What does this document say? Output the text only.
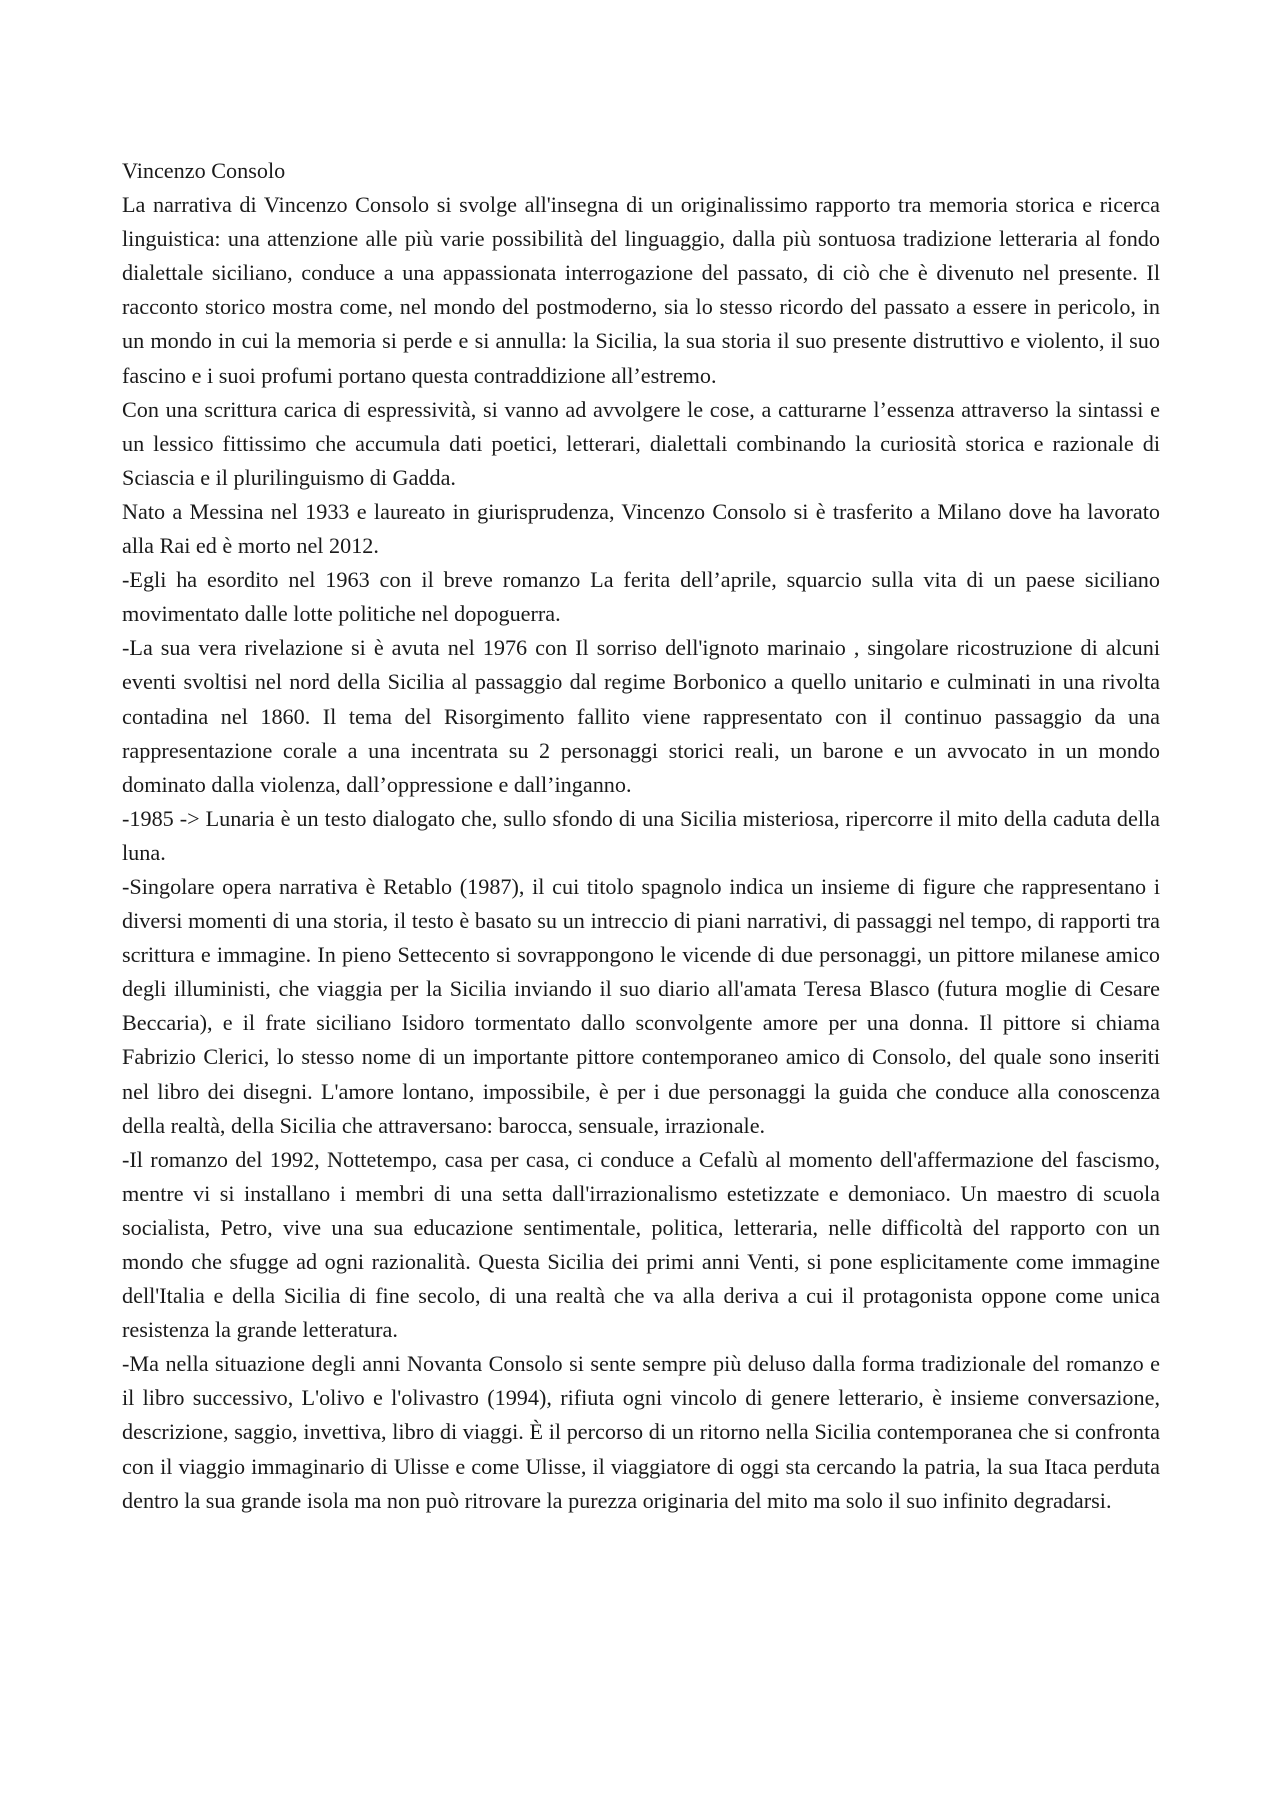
Vincenzo Consolo

La narrativa di Vincenzo Consolo si svolge all'insegna di un originalissimo rapporto tra memoria storica e ricerca linguistica: una attenzione alle più varie possibilità del linguaggio, dalla più sontuosa tradizione letteraria al fondo dialettale siciliano, conduce a una appassionata interrogazione del passato, di ciò che è divenuto nel presente. Il racconto storico mostra come, nel mondo del postmoderno, sia lo stesso ricordo del passato a essere in pericolo, in un mondo in cui la memoria si perde e si annulla: la Sicilia, la sua storia il suo presente distruttivo e violento, il suo fascino e i suoi profumi portano questa contraddizione all’estremo.

Con una scrittura carica di espressività, si vanno ad avvolgere le cose, a catturarne l’essenza attraverso la sintassi e un lessico fittissimo che accumula dati poetici, letterari, dialettali combinando la curiosità storica e razionale di Sciascia e il plurilinguismo di Gadda.

Nato a Messina nel 1933 e laureato in giurisprudenza, Vincenzo Consolo si è trasferito a Milano dove ha lavorato alla Rai ed è morto nel 2012.

-Egli ha esordito nel 1963 con il breve romanzo La ferita dell’aprile, squarcio sulla vita di un paese siciliano movimentato dalle lotte politiche nel dopoguerra.

-La sua vera rivelazione si è avuta nel 1976 con Il sorriso dell'ignoto marinaio , singolare ricostruzione di alcuni eventi svoltisi nel nord della Sicilia al passaggio dal regime Borbonico a quello unitario e culminati in una rivolta contadina nel 1860. Il tema del Risorgimento fallito viene rappresentato con il continuo passaggio da una rappresentazione corale a una incentrata su 2 personaggi storici reali, un barone e un avvocato in un mondo dominato dalla violenza, dall’oppressione e dall’inganno.

-1985 -> Lunaria è un testo dialogato che, sullo sfondo di una Sicilia misteriosa, ripercorre il mito della caduta della luna.

-Singolare opera narrativa è Retablo (1987), il cui titolo spagnolo indica un insieme di figure che rappresentano i diversi momenti di una storia, il testo è basato su un intreccio di piani narrativi, di passaggi nel tempo, di rapporti tra scrittura e immagine. In pieno Settecento si sovrappongono le vicende di due personaggi, un pittore milanese amico degli illuministi, che viaggia per la Sicilia inviando il suo diario all'amata Teresa Blasco (futura moglie di Cesare Beccaria), e il frate siciliano Isidoro tormentato dallo sconvolgente amore per una donna. Il pittore si chiama Fabrizio Clerici, lo stesso nome di un importante pittore contemporaneo amico di Consolo, del quale sono inseriti nel libro dei disegni. L'amore lontano, impossibile, è per i due personaggi la guida che conduce alla conoscenza della realtà, della Sicilia che attraversano: barocca, sensuale, irrazionale.

-Il romanzo del 1992, Nottetempo, casa per casa, ci conduce a Cefalù al momento dell'affermazione del fascismo, mentre vi si installano i membri di una setta dall'irrazionalismo estetizzate e demoniaco. Un maestro di scuola socialista, Petro, vive una sua educazione sentimentale, politica, letteraria, nelle difficoltà del rapporto con un mondo che sfugge ad ogni razionalità. Questa Sicilia dei primi anni Venti, si pone esplicitamente come immagine dell'Italia e della Sicilia di fine secolo, di una realtà che va alla deriva a cui il protagonista oppone come unica resistenza la grande letteratura.

-Ma nella situazione degli anni Novanta Consolo si sente sempre più deluso dalla forma tradizionale del romanzo e il libro successivo, L'olivo e l'olivastro (1994), rifiuta ogni vincolo di genere letterario, è insieme conversazione, descrizione, saggio, invettiva, libro di viaggi. È il percorso di un ritorno nella Sicilia contemporanea che si confronta con il viaggio immaginario di Ulisse e come Ulisse, il viaggiatore di oggi sta cercando la patria, la sua Itaca perduta dentro la sua grande isola ma non può ritrovare la purezza originaria del mito ma solo il suo infinito degradarsi.
